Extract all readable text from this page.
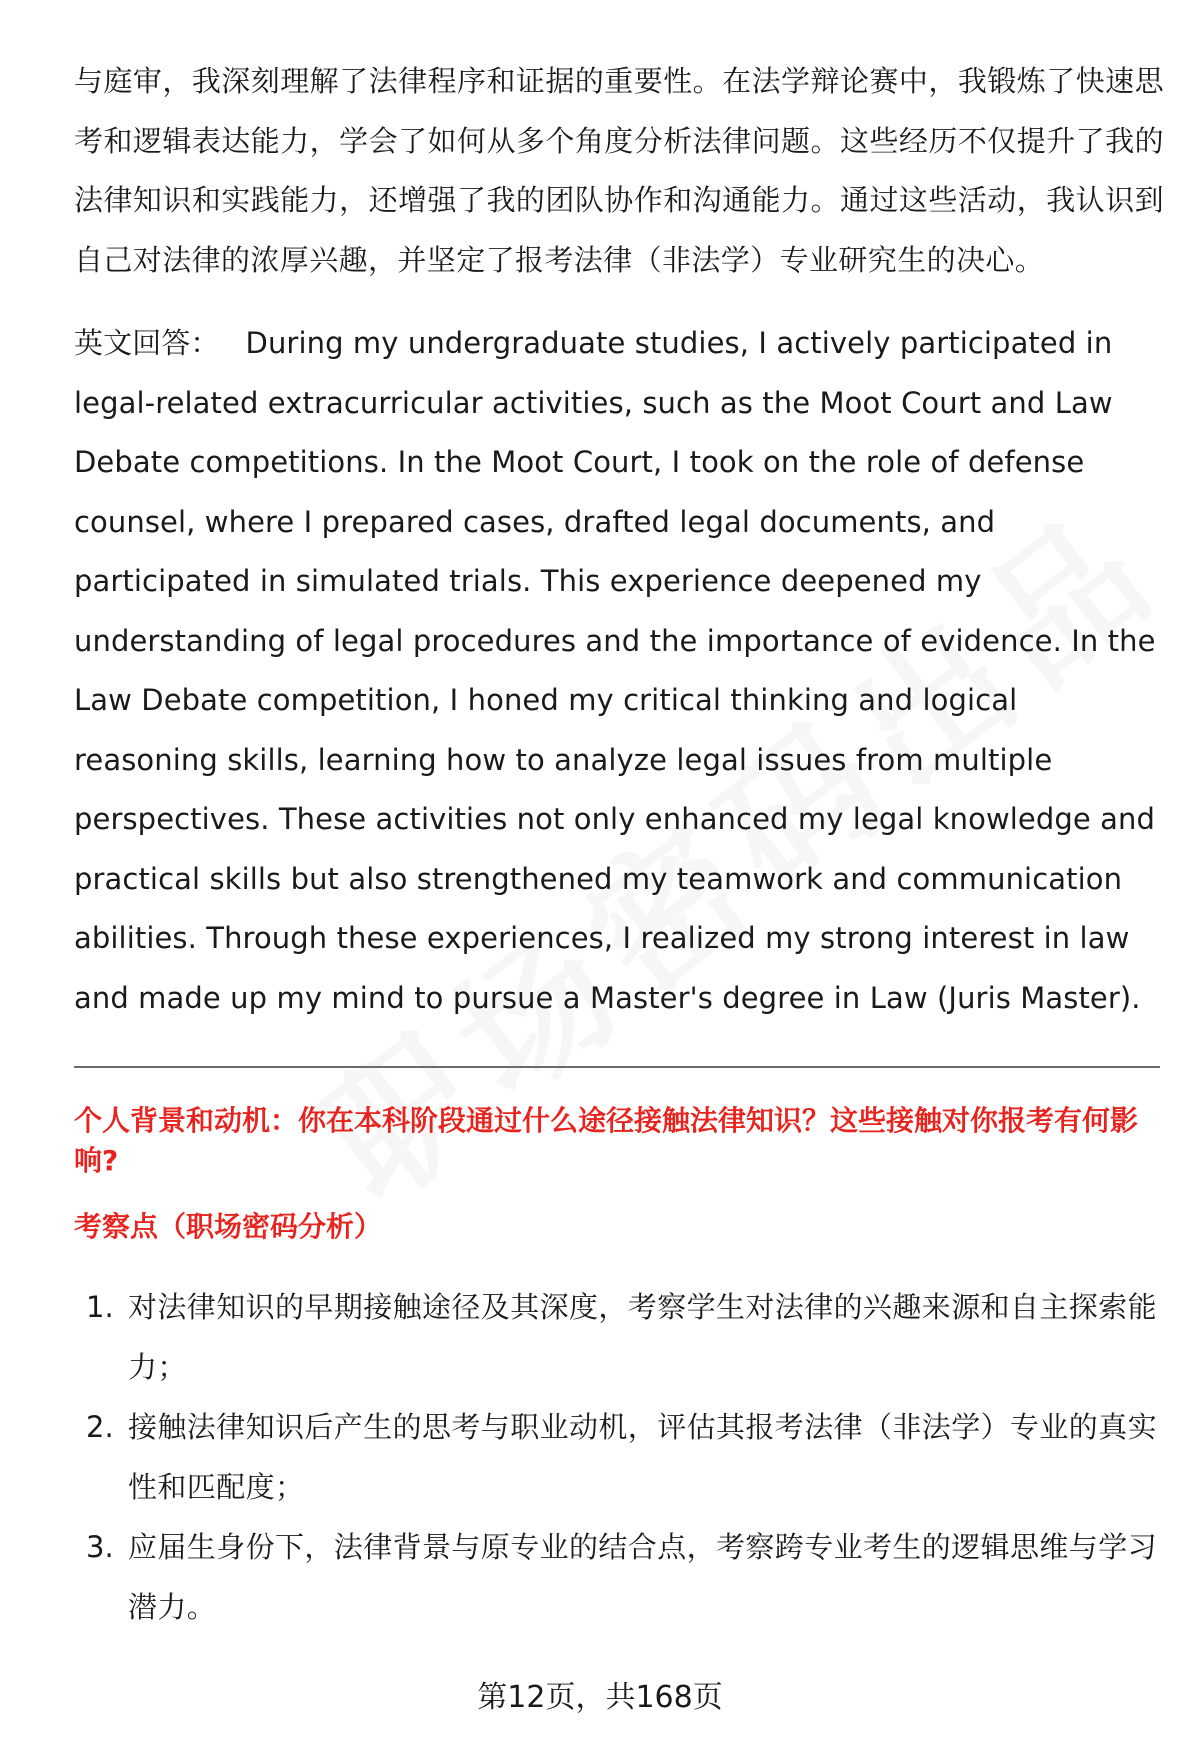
与庭审，我深刻理解了法律程序和证据的重要性。在法学辩论赛中，我锻炼了快速思考和逻辑表达能力，学会了如何从多个角度分析法律问题。这些经历不仅提升了我的法律知识和实践能力，还增强了我的团队协作和沟通能力。通过这些活动，我认识到自己对法律的浓厚兴趣，并坚定了报考法律（非法学）专业研究生的决心。

英文回答： During my undergraduate studies, I actively participated in legal-related extracurricular activities, such as the Moot Court and Law Debate competitions. In the Moot Court, I took on the role of defense counsel, where I prepared cases, drafted legal documents, and participated in simulated trials. This experience deepened my understanding of legal procedures and the importance of evidence. In the Law Debate competition, I honed my critical thinking and logical reasoning skills, learning how to analyze legal issues from multiple perspectives. These activities not only enhanced my legal knowledge and practical skills but also strengthened my teamwork and communication abilities. Through these experiences, I realized my strong interest in law and made up my mind to pursue a Master's degree in Law (Juris Master).

个人背景和动机：你在本科阶段通过什么途径接触法律知识？这些接触对你报考有何影响?

考察点（职场密码分析）

1. 对法律知识的早期接触途径及其深度，考察学生对法律的兴趣来源和自主探索能力；
2. 接触法律知识后产生的思考与职业动机，评估其报考法律（非法学）专业的真实性和匹配度；
3. 应届生身份下，法律背景与原专业的结合点，考察跨专业考生的逻辑思维与学习潜力。
第12页，共168页
